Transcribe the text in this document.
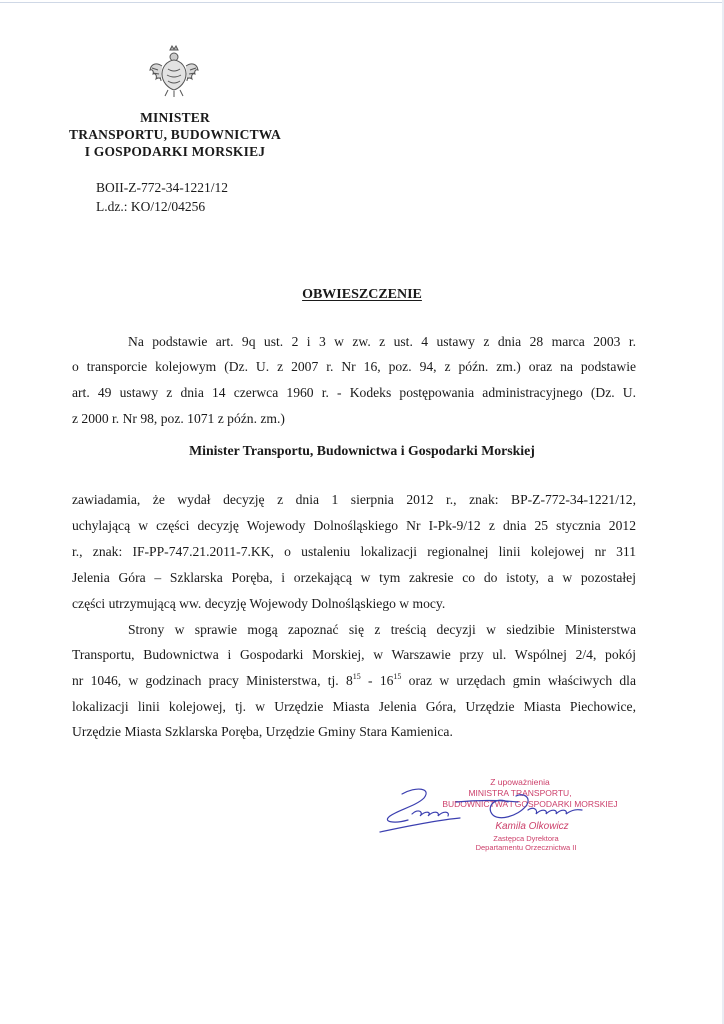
MINISTER
TRANSPORTU, BUDOWNICTWA
I GOSPODARKI MORSKIEJ
BOII-Z-772-34-1221/12
L.dz.: KO/12/04256
OBWIESZCZENIE
Na podstawie art. 9q ust. 2 i 3 w zw. z ust. 4 ustawy z dnia 28 marca 2003 r.
o transporcie kolejowym (Dz. U. z 2007 r. Nr 16, poz. 94, z późn. zm.) oraz na podstawie
art. 49 ustawy z dnia 14 czerwca 1960 r. - Kodeks postępowania administracyjnego (Dz. U.
z 2000 r. Nr 98, poz. 1071 z późn. zm.)
Minister Transportu, Budownictwa i Gospodarki Morskiej
zawiadamia, że wydał decyzję z dnia 1 sierpnia 2012 r., znak: BP-Z-772-34-1221/12,
uchylającą w części decyzję Wojewody Dolnośląskiego Nr I-Pk-9/12 z dnia 25 stycznia 2012
r., znak: IF-PP-747.21.2011-7.KK, o ustaleniu lokalizacji regionalnej linii kolejowej nr 311
Jelenia Góra – Szklarska Poręba, i orzekającą w tym zakresie co do istoty, a w pozostałej
części utrzymującą ww. decyzję Wojewody Dolnośląskiego w mocy.
Strony w sprawie mogą zapoznać się z treścią decyzji w siedzibie Ministerstwa
Transportu, Budownictwa i Gospodarki Morskiej, w Warszawie przy ul. Wspólnej 2/4, pokój
nr 1046, w godzinach pracy Ministerstwa, tj. $8^{15} - 16^{15}$ oraz w urzędach gmin właściwych dla
lokalizacji linii kolejowej, tj. w Urzędzie Miasta Jelenia Góra, Urzędzie Miasta Piechowice,
Urzędzie Miasta Szklarska Poręba, Urzędzie Gminy Stara Kamienica.
Z upoważnienia
MINISTRA TRANSPORTU,
BUDOWNICTWA I GOSPODARKI MORSKIEJ
Kamila Olkowicz
Zastępca Dyrektora
Departamentu Orzecznictwa II
